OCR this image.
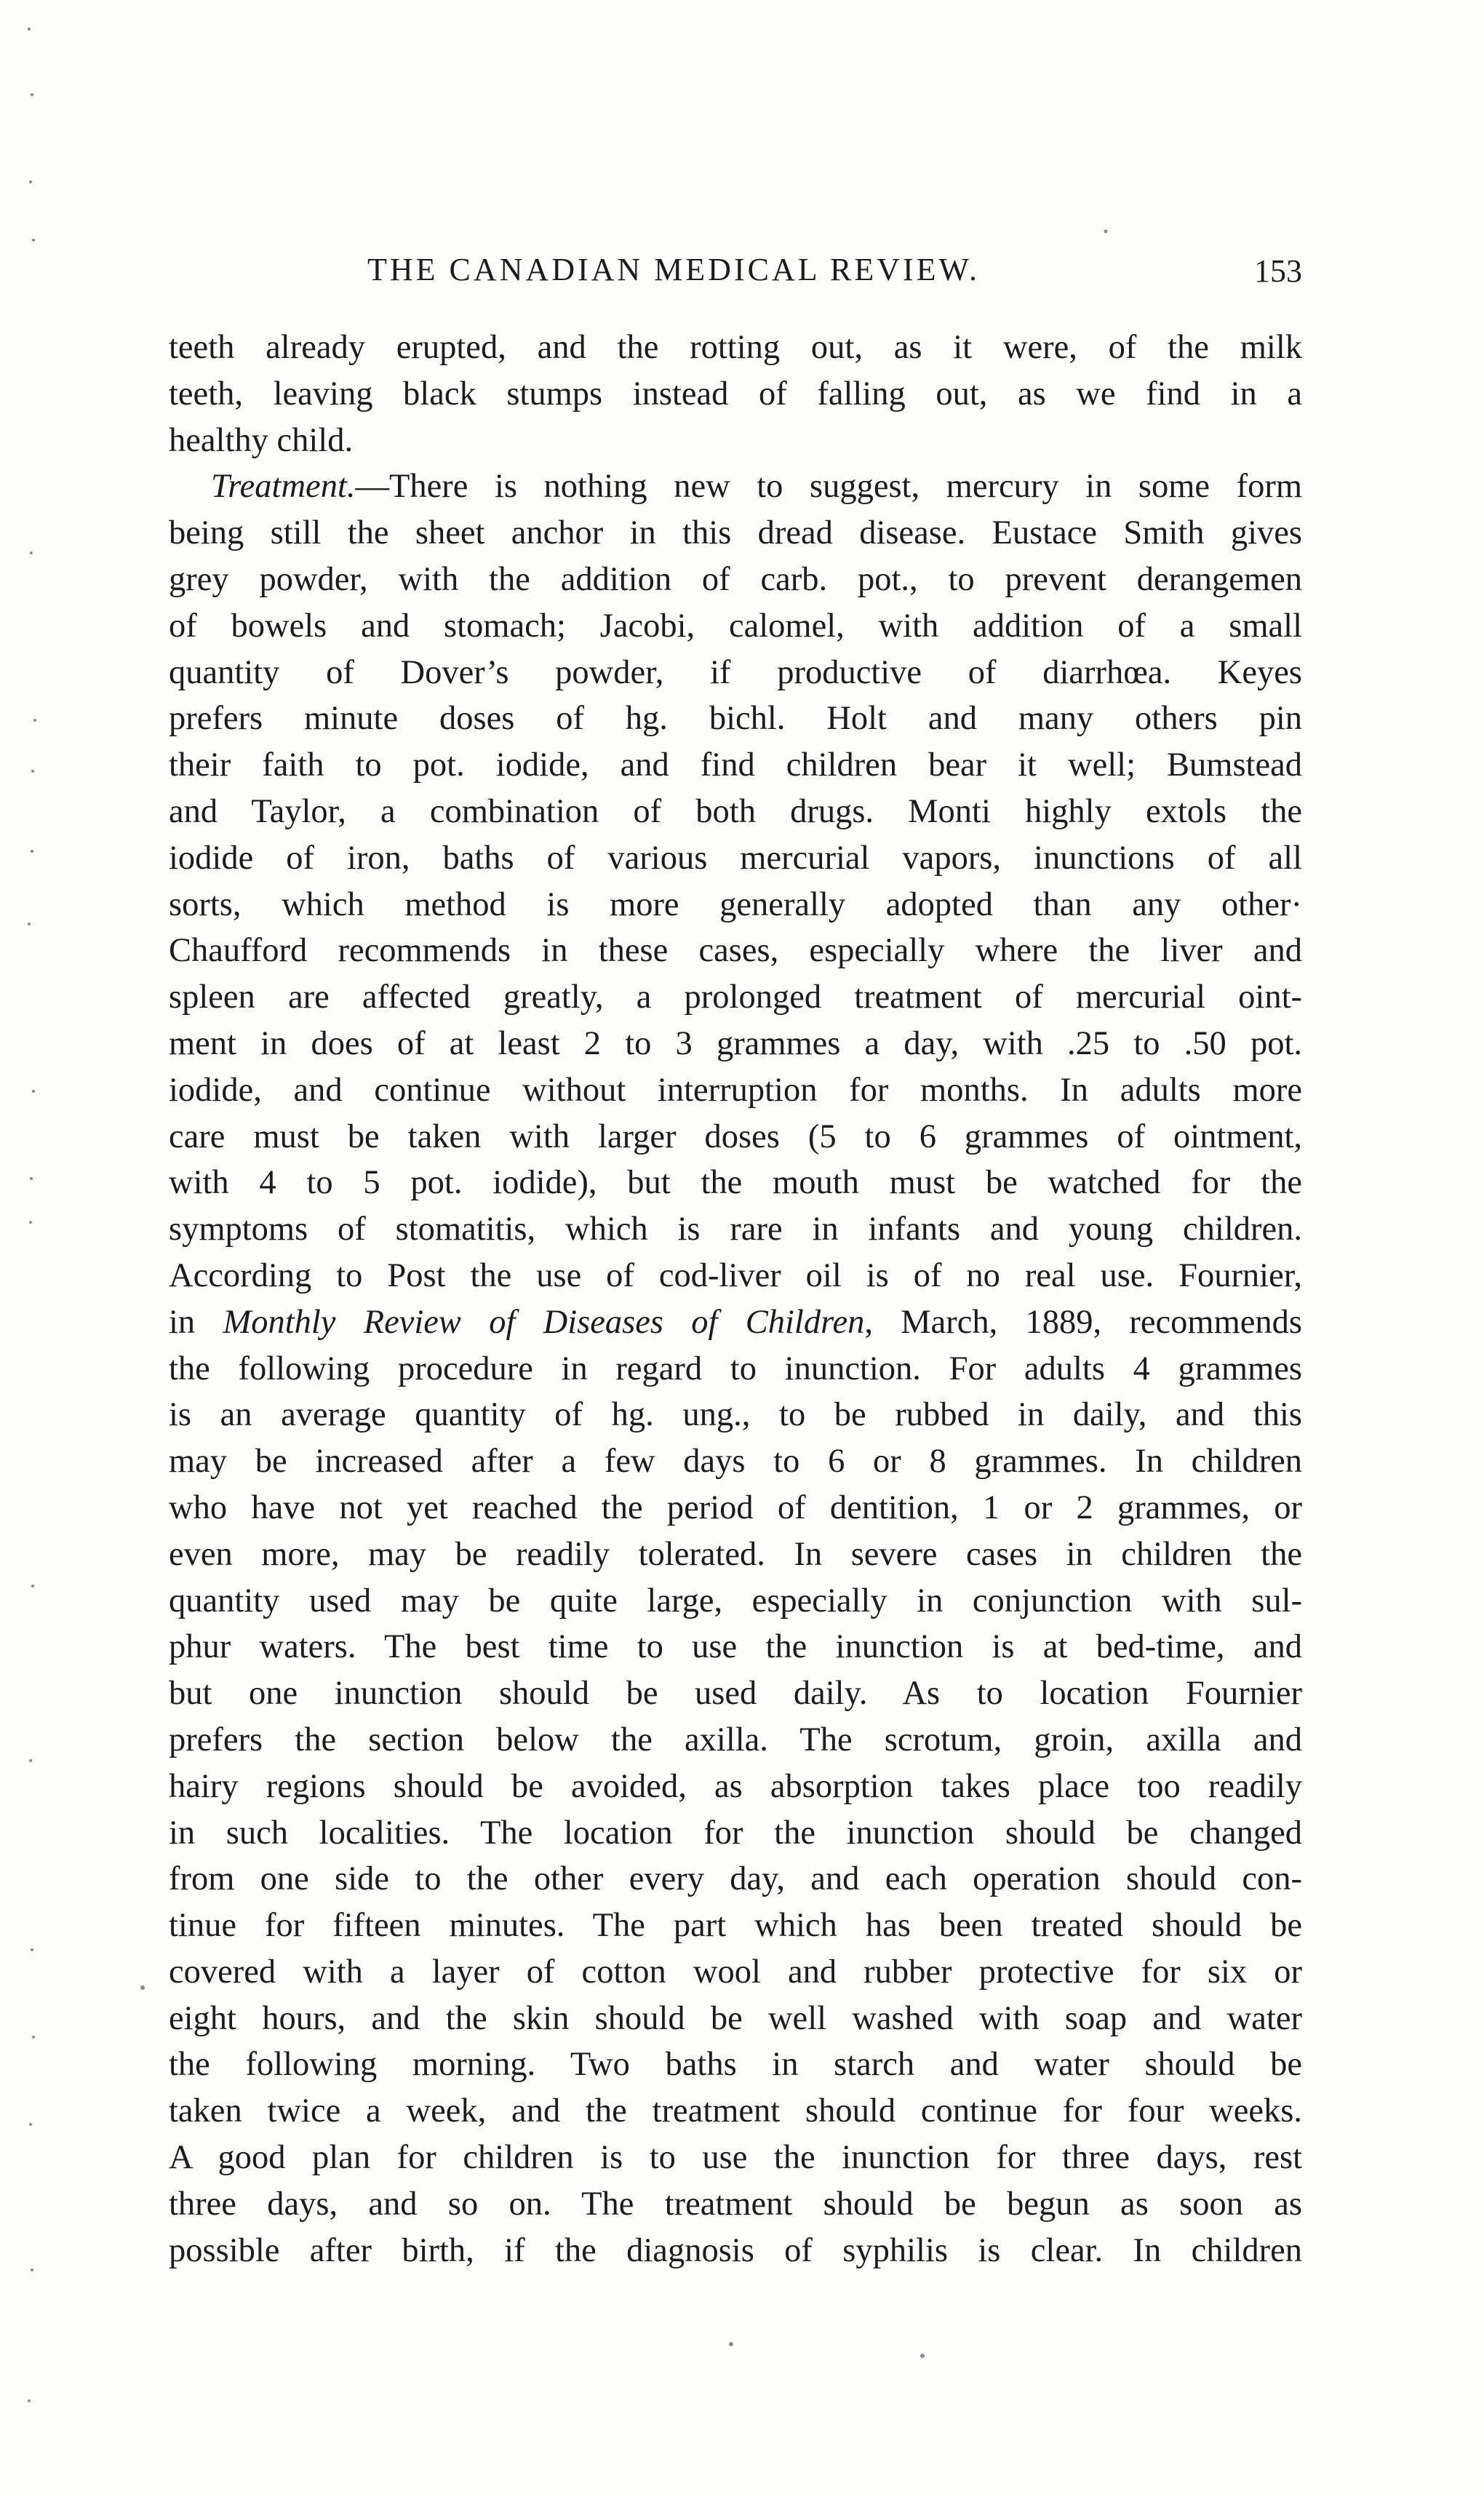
THE CANADIAN MEDICAL REVIEW.	153
teeth already erupted, and the rotting out, as it were, of the milk
teeth, leaving black stumps instead of falling out, as we find in a
healthy child.
Treatment.—There is nothing new to suggest, mercury in some form
being still the sheet anchor in this dread disease. Eustace Smith gives
grey powder, with the addition of carb. pot., to prevent derangemen
of bowels and stomach; Jacobi, calomel, with addition of a small
quantity of Dover’s powder, if productive of diarrhœa. Keyes
prefers minute doses of hg. bichl. Holt and many others pin
their faith to pot. iodide, and find children bear it well; Bumstead
and Taylor, a combination of both drugs. Monti highly extols the
iodide of iron, baths of various mercurial vapors, inunctions of all
sorts, which method is more generally adopted than any other·
Chaufford recommends in these cases, especially where the liver and
spleen are affected greatly, a prolonged treatment of mercurial oint-
ment in does of at least 2 to 3 grammes a day, with .25 to .50 pot.
iodide, and continue without interruption for months. In adults more
care must be taken with larger doses (5 to 6 grammes of ointment,
with 4 to 5 pot. iodide), but the mouth must be watched for the
symptoms of stomatitis, which is rare in infants and young children.
According to Post the use of cod-liver oil is of no real use. Fournier,
in Monthly Review of Diseases of Children, March, 1889, recommends
the following procedure in regard to inunction. For adults 4 grammes
is an average quantity of hg. ung., to be rubbed in daily, and this
may be increased after a few days to 6 or 8 grammes. In children
who have not yet reached the period of dentition, 1 or 2 grammes, or
even more, may be readily tolerated. In severe cases in children the
quantity used may be quite large, especially in conjunction with sul-
phur waters. The best time to use the inunction is at bed-time, and
but one inunction should be used daily. As to location Fournier
prefers the section below the axilla. The scrotum, groin, axilla and
hairy regions should be avoided, as absorption takes place too readily
in such localities. The location for the inunction should be changed
from one side to the other every day, and each operation should con-
tinue for fifteen minutes. The part which has been treated should be
covered with a layer of cotton wool and rubber protective for six or
eight hours, and the skin should be well washed with soap and water
the following morning. Two baths in starch and water should be
taken twice a week, and the treatment should continue for four weeks.
A good plan for children is to use the inunction for three days, rest
three days, and so on. The treatment should be begun as soon as
possible after birth, if the diagnosis of syphilis is clear. In children
